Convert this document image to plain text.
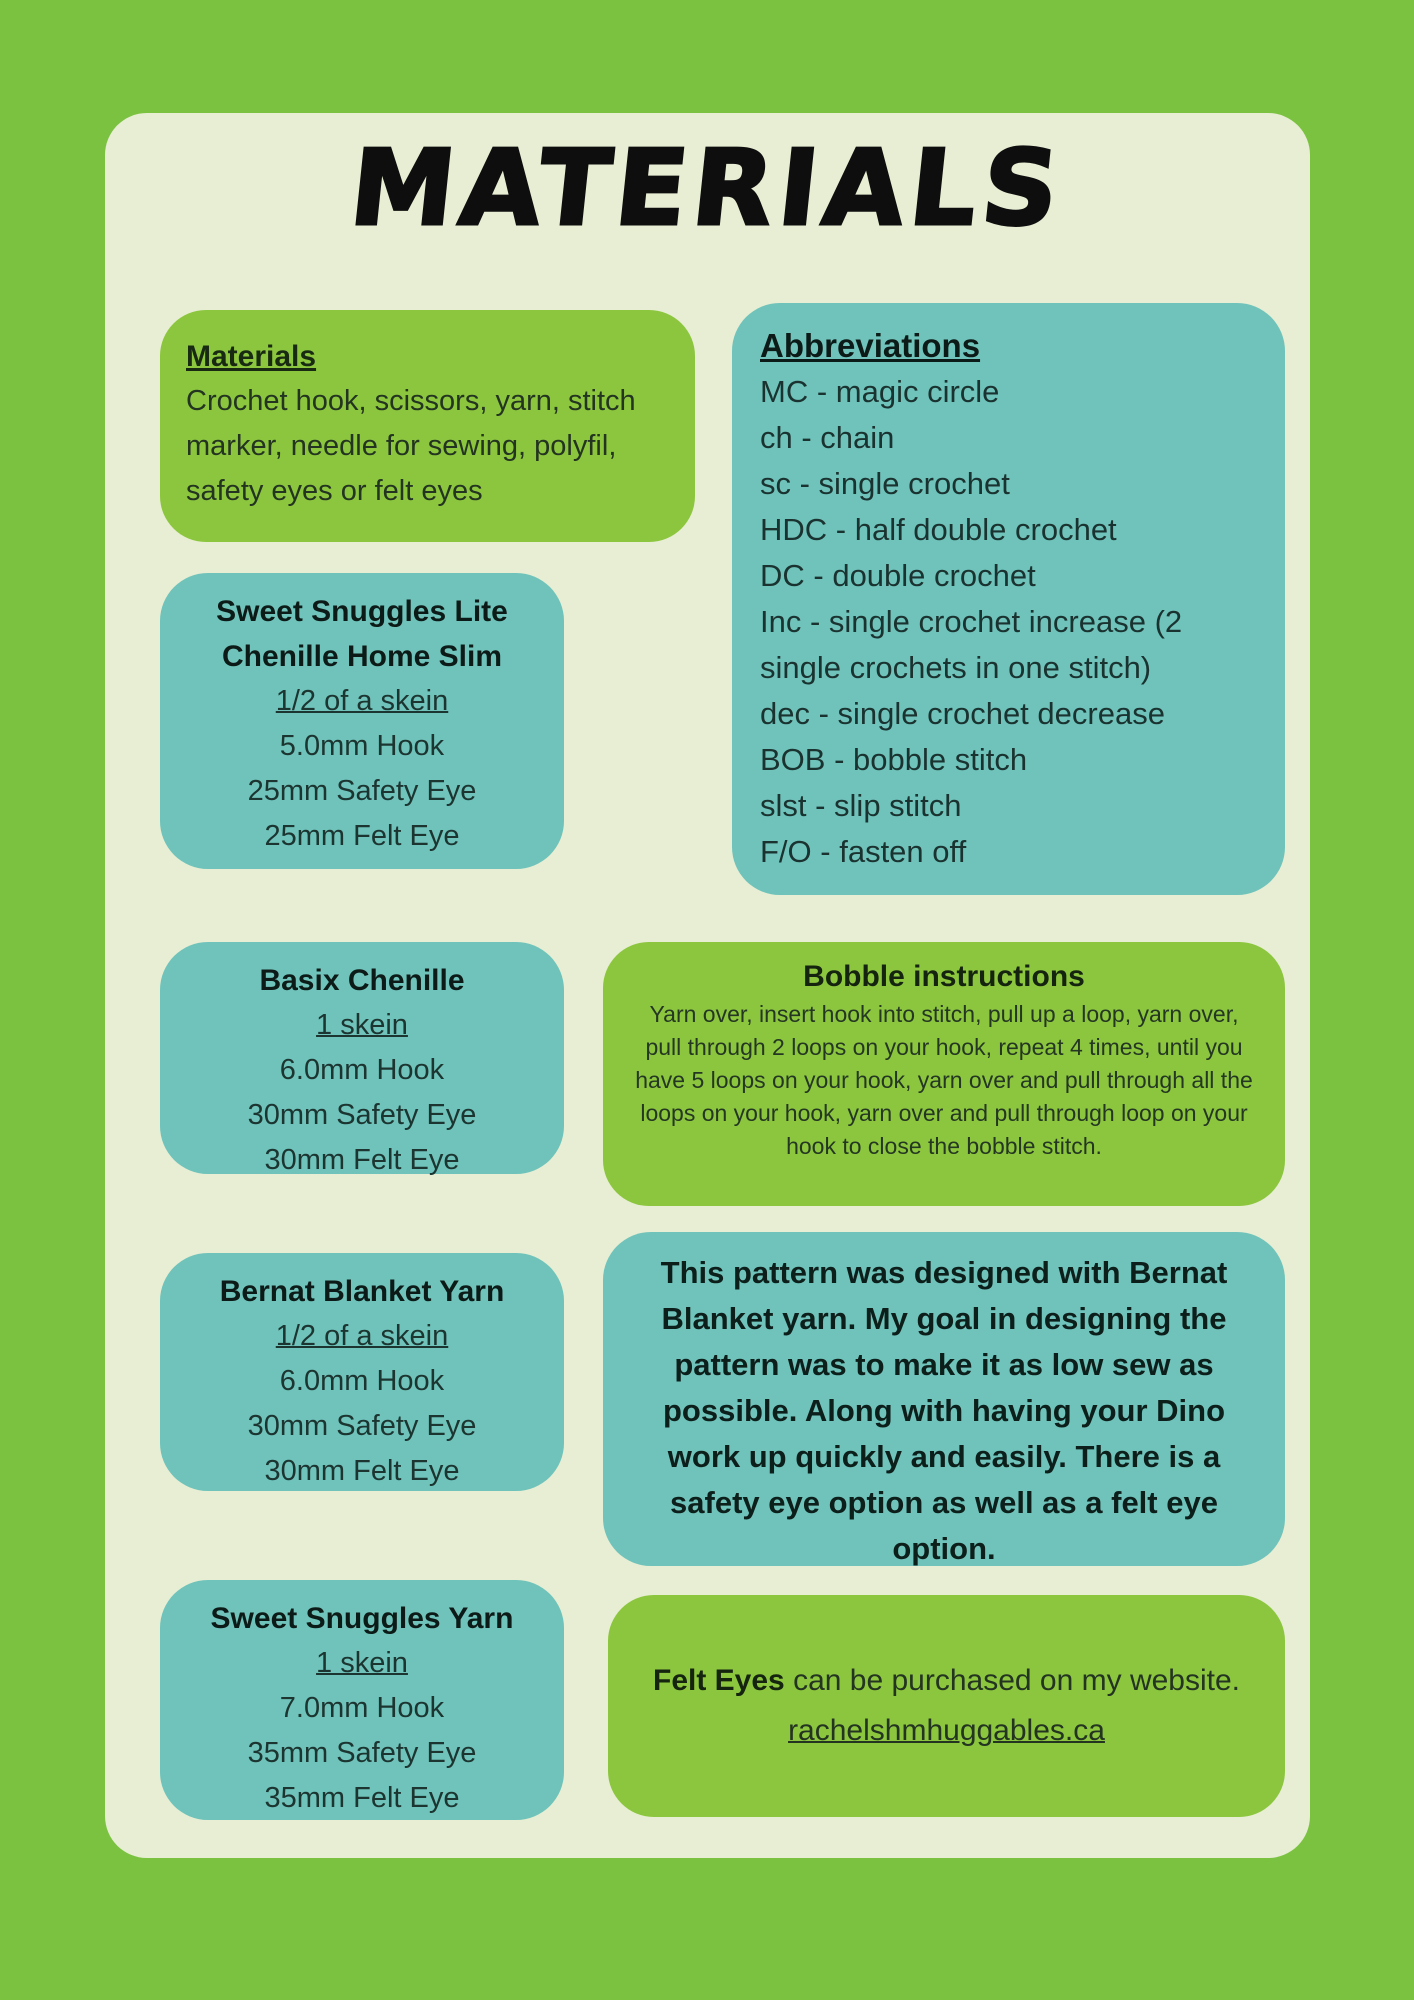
MATERIALS
Materials
Crochet hook, scissors, yarn, stitch marker, needle for sewing, polyfil, safety eyes or felt eyes
Abbreviations
MC - magic circle
ch - chain
sc - single crochet
HDC - half double crochet
DC - double crochet
Inc - single crochet increase (2 single crochets in one stitch)
dec - single crochet decrease
BOB - bobble stitch
slst - slip stitch
F/O - fasten off
Sweet Snuggles Lite Chenille Home Slim
1/2 of a skein
5.0mm Hook
25mm Safety Eye
25mm Felt Eye
Bobble instructions
Yarn over, insert hook into stitch, pull up a loop, yarn over, pull through 2 loops on your hook, repeat 4 times, until you have 5 loops on your hook, yarn over and pull through all the loops on your hook, yarn over and pull through loop on your hook to close the bobble stitch.
Basix Chenille
1 skein
6.0mm Hook
30mm Safety Eye
30mm Felt Eye
This pattern was designed with Bernat Blanket yarn. My goal in designing the pattern was to make it as low sew as possible. Along with having your Dino work up quickly and easily. There is a safety eye option as well as a felt eye option.
Bernat Blanket Yarn
1/2 of a skein
6.0mm Hook
30mm Safety Eye
30mm Felt Eye
Felt Eyes can be purchased on my website.
rachelshmhuggables.ca
Sweet Snuggles Yarn
1 skein
7.0mm Hook
35mm Safety Eye
35mm Felt Eye
